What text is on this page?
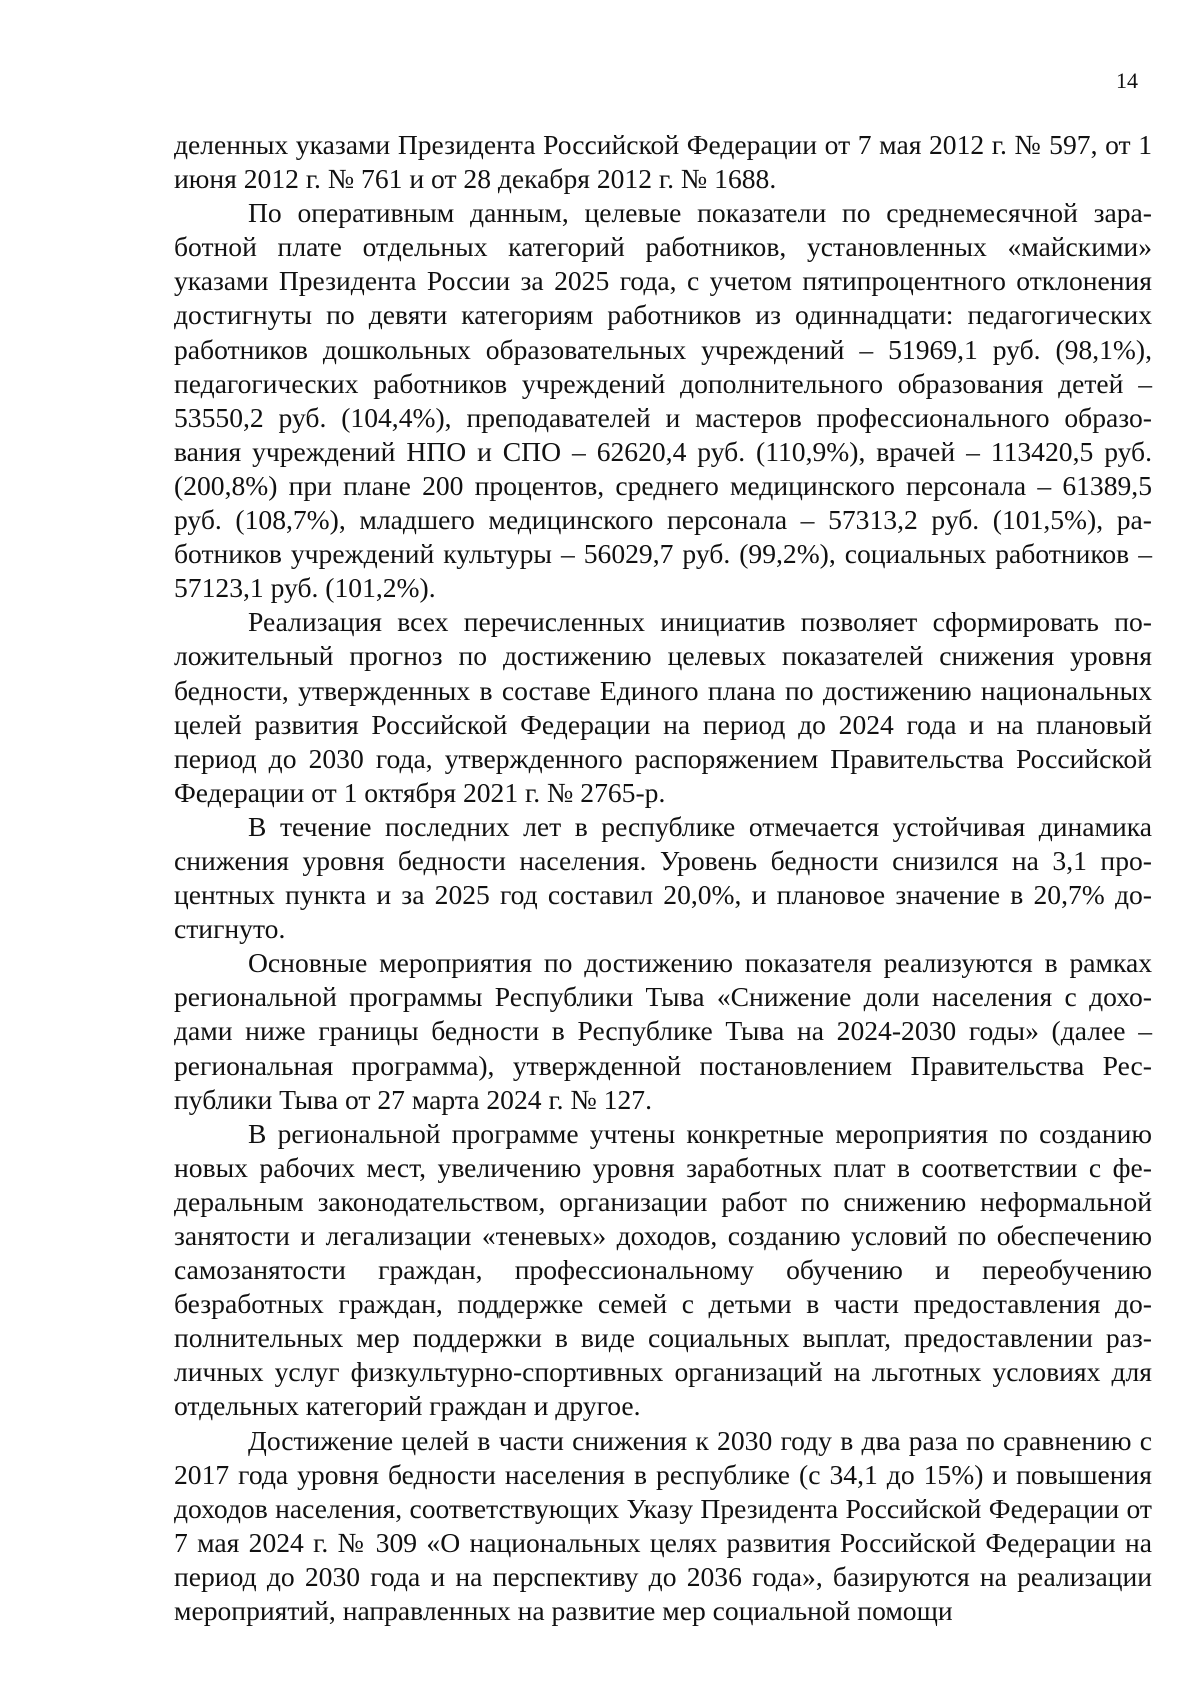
14

деленных указами Президента Российской Федерации от 7 мая 2012 г. № 597, от 1 июня 2012 г. № 761 и от 28 декабря 2012 г. № 1688.

По оперативным данным, целевые показатели по среднемесячной заработной плате отдельных категорий работников, установленных «майскими» указами Президента России за 2025 года, с учетом пятипроцентного отклонения достигнуты по девяти категориям работников из одиннадцати: педагогических работников дошкольных образовательных учреждений – 51969,1 руб. (98,1%), педагогических работников учреждений дополнительного образования детей – 53550,2 руб. (104,4%), преподавателей и мастеров профессионального образования учреждений НПО и СПО – 62620,4 руб. (110,9%), врачей – 113420,5 руб. (200,8%) при плане 200 процентов, среднего медицинского персонала – 61389,5 руб. (108,7%), младшего медицинского персонала – 57313,2 руб. (101,5%), работников учреждений культуры – 56029,7 руб. (99,2%), социальных работников – 57123,1 руб. (101,2%).

Реализация всех перечисленных инициатив позволяет сформировать положительный прогноз по достижению целевых показателей снижения уровня бедности, утвержденных в составе Единого плана по достижению национальных целей развития Российской Федерации на период до 2024 года и на плановый период до 2030 года, утвержденного распоряжением Правительства Российской Федерации от 1 октября 2021 г. № 2765-р.

В течение последних лет в республике отмечается устойчивая динамика снижения уровня бедности населения. Уровень бедности снизился на 3,1 процентных пункта и за 2025 год составил 20,0%, и плановое значение в 20,7% достигнуто.

Основные мероприятия по достижению показателя реализуются в рамках региональной программы Республики Тыва «Снижение доли населения с доходами ниже границы бедности в Республике Тыва на 2024-2030 годы» (далее – региональная программа), утвержденной постановлением Правительства Республики Тыва от 27 марта 2024 г. № 127.

В региональной программе учтены конкретные мероприятия по созданию новых рабочих мест, увеличению уровня заработных плат в соответствии с федеральным законодательством, организации работ по снижению неформальной занятости и легализации «теневых» доходов, созданию условий по обеспечению самозанятости граждан, профессиональному обучению и переобучению безработных граждан, поддержке семей с детьми в части предоставления дополнительных мер поддержки в виде социальных выплат, предоставлении различных услуг физкультурно-спортивных организаций на льготных условиях для отдельных категорий граждан и другое.

Достижение целей в части снижения к 2030 году в два раза по сравнению с 2017 года уровня бедности населения в республике (с 34,1 до 15%) и повышения доходов населения, соответствующих Указу Президента Российской Федерации от 7 мая 2024 г. № 309 «О национальных целях развития Российской Федерации на период до 2030 года и на перспективу до 2036 года», базируются на реализации мероприятий, направленных на развитие мер социальной помощи
